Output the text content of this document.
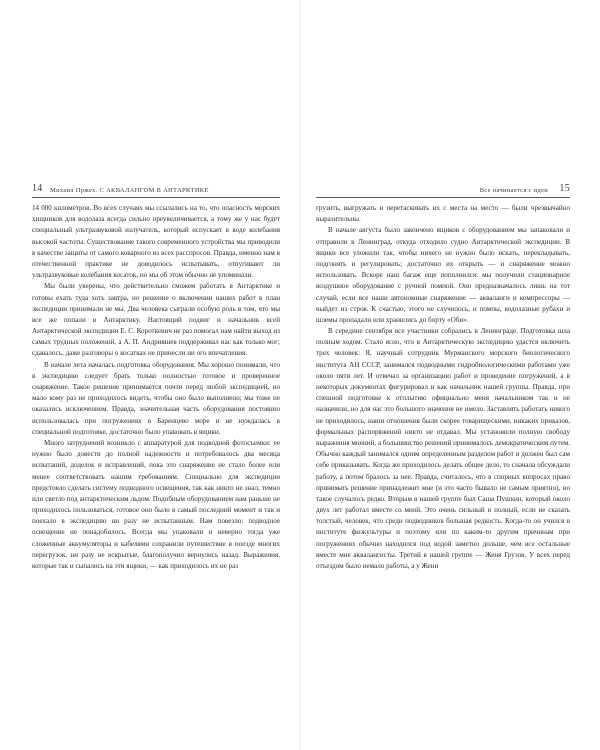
14 Михаил Пржех. С АКВАЛАНГОМ В АНТАРКТИКЕ

14 000 километров. Во всех случаях мы ссылались на то, что опасность морских хищников для водолаза всегда сильно преувеличивается, а тому же у нас будет специальный ультразвуковой излучатель, который испускает в воде колебания высокой частоты. Существование такого современного устройства мы приводили в качестве защиты от самого коварного из всех расспросов. Правда, именно нам в отечественной практике не доводилось испытывать, отпугивают ли ультразвуковые колебания косаток, но мы об этом обычно не упоминали.

Мы были уверены, что действительно сможем работать в Антарктике и готовы ехать туда хоть завтра, но решение о включении наших работ в план экспедиции принимали не мы. Два человека сыграли особую роль в том, что мы все же попали в Антарктику. Настоящий подвиг и начальник всей Антарктической экспедиции Е. С. Короткевич не раз помогал нам найти выход из самых трудных положений, а А. П. Андрияшев поддерживал нас как только мог; сдавалось, даже разговоры о косатках не принесли ни ого впечатления.

В начале лета началась подготовка оборудования. Мы хорошо понимали, что в экспедицию следует брать только полностью готовое и проверенное снаряжение. Такое решение принимается почти перед любой экспедицией, но мало кому раз не приходилось видеть, чтобы оно было выполнено; мы тоже не оказались исключением. Правда, значительная часть оборудования постоянно использовалась при погружениях в Баренцево море и не нуждалась в специальной подготовке, достаточно было упаковать в ящики.

Много затруднений возникло с аппаратурой для подводной фотосъемки: ее нужно было довести до полной надежности и потребовалось два месяца испытаний, доделок и исправлений, пока это снаряжение не стало более или менее соответствовать нашим требованиям. Специально для экспедиции предстояло сделать систему подводного освещения, так как никто не знал, темно или светло под антарктическим льдом. Подобным оборудованием нам раньше не приходилось пользоваться, готовое оно было в самый последний момент и так и поехало в экспедицию ни разу не испытанным. Нам повезло: подводное освещение не понадобилось. Всегда мы упаковали и неверно тогда уже сложенные аккумуляторы и кабелями сохранили путешествие в поезде многих перегрузок, ни разу не вскрытые, благополучно вернулись назад. Выражения, которые так и сыпались на эти ящики, — как приходилось их не раз

Все начинается с идеи 15

грузить, выгружать и перетаскивать их с места на место — были чрезвычайно выразительны.

В начале августа было закончено ящиков с оборудованием мы запаковали и отправили в Ленинград, откуда отходило судно Антарктической экспедиции. В ящики все уложили так, чтобы ничего не нужно было искать, перекладывать, подгонять и регулировать; достаточно их открыть — и снаряжение можно использовать. Вскоре наш багаж еще пополнился: мы получили стационарное воздушное оборудование с ручной помпой. Оно предназначалось лишь на тот случай, если все наши автономные снаряжение — акваланги и компрессоры — выйдет из строя. К счастью, этого не случилось, и помпы, водолазные рубахи и шлемы пропадали или хранились до борту «Оби».

В середине сентября все участники собрались в Ленинграде. Подготовка шла полным ходом. Стало ясно, что в Антарктическую экспедицию удастся включить трех человек: Я, научный сотрудник Мурманского морского биологического института АН СССР, занимался подводными гидробиологическими работами уже около пяти лет. И отвечал за организацию работ и проведение погружений, а в некоторых документах фигурировал и как начальник нашей группы. Правда, при спешной подготовке к отплытию официально меня начальником так и не назначили, но для нас это большого значения не имело. Заставлять работать никого не приходилось, наши отношения были скорее товарищескими, никаких приказов, формальных распоряжений никто не отдавал. Мы установили полную свободу выражения мнений, а большинство решений принималось демократическим путем. Обычно каждый занимался одним определенным разделом работ и должен был сам себе приказывать. Когда же приходилось делать общее дело, то сначала обсуждали работу, а потом бралось за нее. Правда, считалось, что в спорных вопросах право принимать решение принадлежит мне (и это часто бывало не самым приятно), но такое случалось редко. Вторым в нашей группе был Саша Пушкин, который около двух лет работал вместе со мной. Это очень сильный и полный, если не сказать толстый, человек, что среди подводников большая редкость. Когда-то он учился в институте физкультуры и поэтому или по каким-то другим причинам при погружениях обычно находился под водой заметно дольше, чем все остальные вместе мне аквалангисты. Третий в нашей группе — Женя Грузов. У всех перед отъездом было немало работы, а у Жени
